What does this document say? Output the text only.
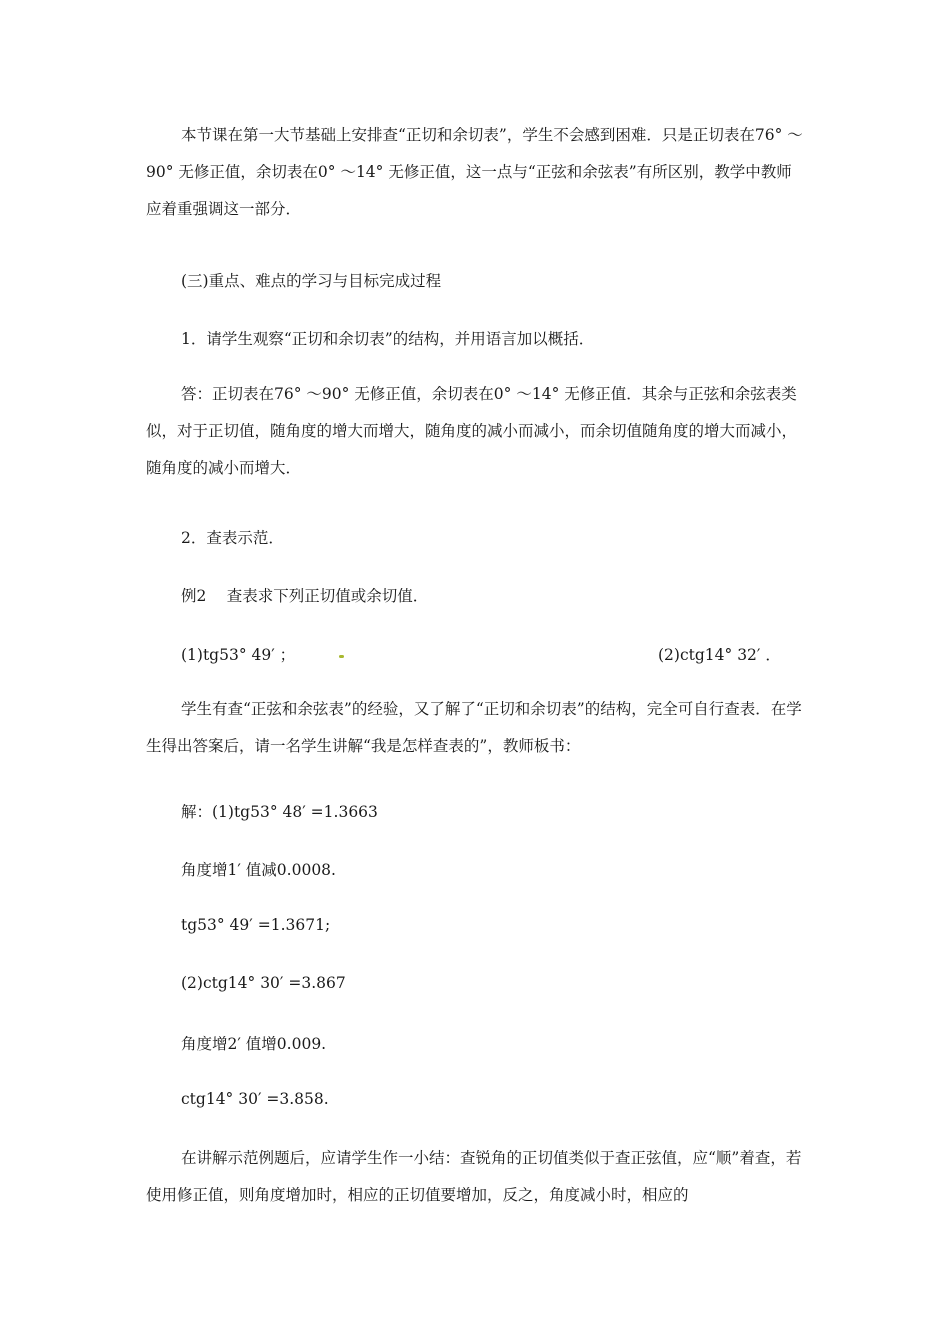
本节课在第一大节基础上安排查“正切和余切表”，学生不会感到困难．只是正切表在76° ～90° 无修正值，余切表在0° ～14° 无修正值，这一点与“正弦和余弦表”有所区别，教学中教师应着重强调这一部分．

(三)重点、难点的学习与目标完成过程

1．请学生观察“正切和余切表”的结构，并用语言加以概括．

答：正切表在76° ～90° 无修正值，余切表在0° ～14° 无修正值．其余与正弦和余弦表类似，对于正切值，随角度的增大而增大，随角度的减小而减小，而余切值随角度的增大而减小，随角度的减小而增大．

2．查表示范．

例2　 查表求下列正切值或余切值．

(1)tg53° 49′ ；	(2)ctg14° 32′ ．

学生有查“正弦和余弦表”的经验，又了解了“正切和余切表”的结构，完全可自行查表．在学生得出答案后，请一名学生讲解“我是怎样查表的”，教师板书：

解：(1)tg53° 48′ =1.3663

角度增1′ 值减0.0008.

tg53° 49′ =1.3671;

(2)ctg14° 30′ =3.867

角度增2′ 值增0.009.

ctg14° 30′ =3.858.

在讲解示范例题后，应请学生作一小结：查锐角的正切值类似于查正弦值，应“顺”着查，若使用修正值，则角度增加时，相应的正切值要增加，反之，角度减小时，相应的
